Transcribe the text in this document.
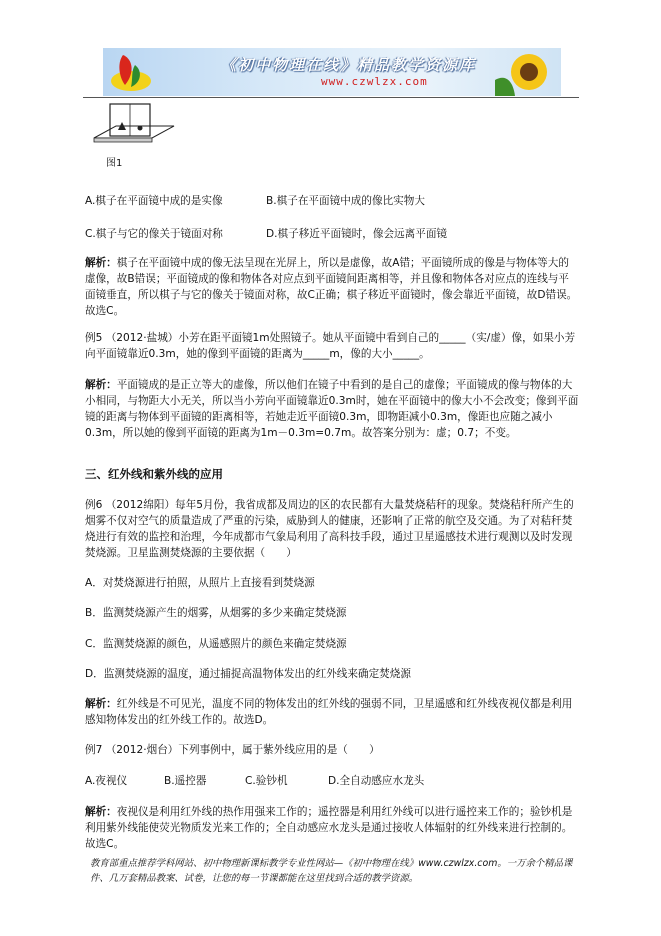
《初中物理在线》精品教学资源库
www.czwlzx.com
图1
A.棋子在平面镜中成的是实像	B.棋子在平面镜中成的像比实物大
C.棋子与它的像关于镜面对称	D.棋子移近平面镜时，像会远离平面镜
解析：棋子在平面镜中成的像无法呈现在光屏上，所以是虚像，故A错；平面镜所成的像是与物体等大的虚像，故B错误；平面镜成的像和物体各对应点到平面镜间距离相等，并且像和物体各对应点的连线与平面镜垂直，所以棋子与它的像关于镜面对称，故C正确；棋子移近平面镜时，像会靠近平面镜，故D错误。故选C。
例5 （2012·盐城）小芳在距平面镜1m处照镜子。她从平面镜中看到自己的_____（实/虚）像，如果小芳向平面镜靠近0.3m，她的像到平面镜的距离为_____m，像的大小_____。
解析：平面镜成的是正立等大的虚像，所以他们在镜子中看到的是自己的虚像；平面镜成的像与物体的大小相同，与物距大小无关，所以当小芳向平面镜靠近0.3m时，她在平面镜中的像大小不会改变；像到平面镜的距离与物体到平面镜的距离相等，若她走近平面镜0.3m，即物距减小0.3m，像距也应随之减小0.3m，所以她的像到平面镜的距离为1m－0.3m=0.7m。故答案分别为：虚；0.7；不变。
三、红外线和紫外线的应用
例6 （2012绵阳）每年5月份，我省成都及周边的区的农民都有大量焚烧秸秆的现象。焚烧秸秆所产生的烟雾不仅对空气的质量造成了严重的污染，威胁到人的健康，还影响了正常的航空及交通。为了对秸秆焚烧进行有效的监控和治理，今年成都市气象局利用了高科技手段，通过卫星遥感技术进行观测以及时发现焚烧源。卫星监测焚烧源的主要依据（　　）
A．对焚烧源进行拍照，从照片上直接看到焚烧源
B．监测焚烧源产生的烟雾，从烟雾的多少来确定焚烧源
C．监测焚烧源的颜色，从遥感照片的颜色来确定焚烧源
D．监测焚烧源的温度，通过捕捉高温物体发出的红外线来确定焚烧源
解析：红外线是不可见光，温度不同的物体发出的红外线的强弱不同，卫星遥感和红外线夜视仪都是利用感知物体发出的红外线工作的。故选D。
例7 （2012·烟台）下列事例中，属于紫外线应用的是（　　）
A.夜视仪	B.遥控器	C.验钞机	D.全自动感应水龙头
解析：夜视仪是利用红外线的热作用强来工作的；遥控器是利用红外线可以进行遥控来工作的；验钞机是利用紫外线能使荧光物质发光来工作的；全自动感应水龙头是通过接收人体辐射的红外线来进行控制的。故选C。
教育部重点推荐学科网站、初中物理新课标教学专业性网站—《初中物理在线》www.czwlzx.com。一万余个精品课件、几万套精品教案、试卷，让您的每一节课都能在这里找到合适的教学资源。
